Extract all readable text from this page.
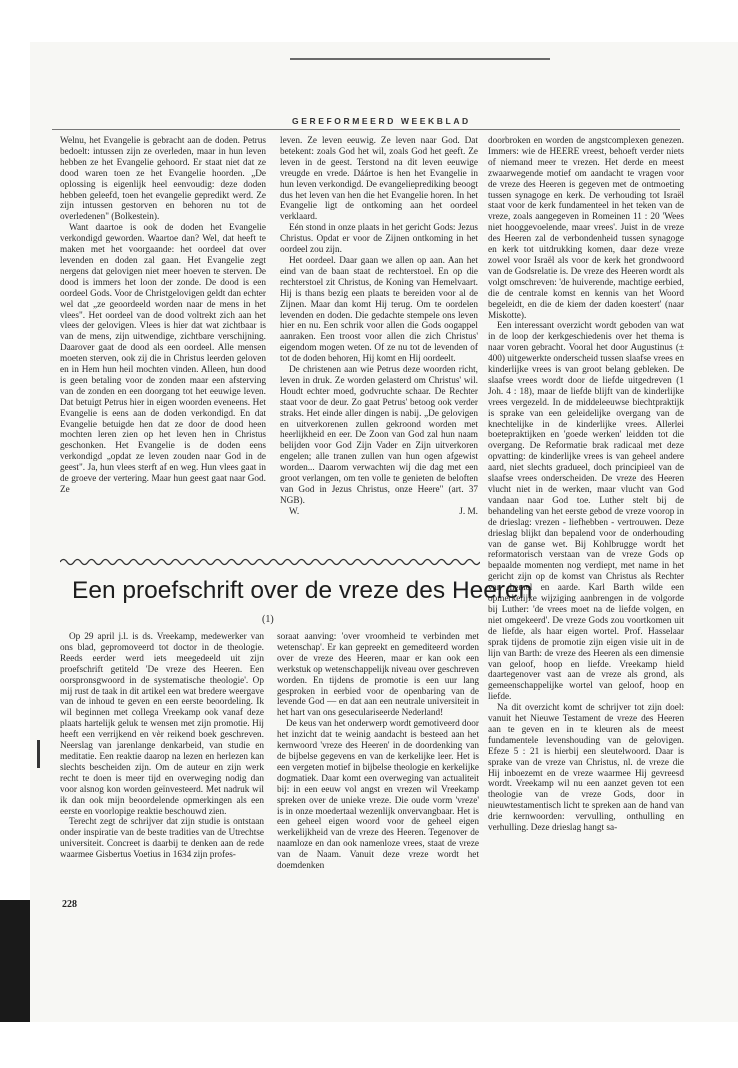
GEREFORMEERD WEEKBLAD

Welnu, het Evangelie is gebracht aan de doden. Petrus bedoelt: intussen zijn ze overleden, maar in hun leven hebben ze het Evangelie gehoord. Er staat niet dat ze dood waren toen ze het Evangelie hoorden. „De oplossing is eigenlijk heel eenvoudig: deze doden hebben geleefd, toen het evangelie gepredikt werd. Ze zijn intussen gestorven en behoren nu tot de overledenen" (Bolkestein).

Want daartoe is ook de doden het Evangelie verkondigd geworden. Waartoe dan? Wel, dat heeft te maken met het voorgaande: het oordeel dat over levenden en doden zal gaan. Het Evangelie zegt nergens dat gelovigen niet meer hoeven te sterven. De dood is immers het loon der zonde. De dood is een oordeel Gods. Voor de Christgelovigen geldt dan echter wel dat „ze geoordeeld worden naar de mens in het vlees". Het oordeel van de dood voltrekt zich aan het vlees der gelovigen. Vlees is hier dat wat zichtbaar is van de mens, zijn uitwendige, zichtbare verschijning. Daarover gaat de dood als een oordeel. Alle mensen moeten sterven, ook zij die in Christus leerden geloven en in Hem hun heil mochten vinden. Alleen, hun dood is geen betaling voor de zonden maar een afsterving van de zonden en een doorgang tot het eeuwige leven. Dat betuigt Petrus hier in eigen woorden eveneens. Het Evangelie is eens aan de doden verkondigd. En dat Evangelie betuigde hen dat ze door de dood heen mochten leren zien op het leven hen in Christus geschonken. Het Evangelie is de doden eens verkondigd „opdat ze leven zouden naar God in de geest". Ja, hun vlees sterft af en weg. Hun vlees gaat in de groeve der vertering. Maar hun geest gaat naar God. Ze

leven. Ze leven eeuwig. Ze leven naar God. Dat betekent: zoals God het wil, zoals God het geeft. Ze leven in de geest. Terstond na dit leven eeuwige vreugde en vrede. Dáártoe is hen het Evangelie in hun leven verkondigd. De evangelieprediking beoogt dus het leven van hen die het Evangelie horen. In het Evangelie ligt de ontkoming aan het oordeel verklaard.

Eén stond in onze plaats in het gericht Gods: Jezus Christus. Opdat er voor de Zijnen ontkoming in het oordeel zou zijn.

Het oordeel. Daar gaan we allen op aan. Aan het eind van de baan staat de rechterstoel. En op die rechterstoel zit Christus, de Koning van Hemelvaart. Hij is thans bezig een plaats te bereiden voor al de Zijnen. Maar dan komt Hij terug. Om te oordelen levenden en doden. Die gedachte stempele ons leven hier en nu. Een schrik voor allen die Gods oogappel aanraken. Een troost voor allen die zich Christus' eigendom mogen weten. Of ze nu tot de levenden of tot de doden behoren, Hij komt en Hij oordeelt.

De christenen aan wie Petrus deze woorden richt, leven in druk. Ze worden gelasterd om Christus' wil. Houdt echter moed, godvruchte schaar. De Rechter staat voor de deur. Zo gaat Petrus' betoog ook verder straks. Het einde aller dingen is nabij. „De gelovigen en uitverkorenen zullen gekroond worden met heerlijkheid en eer. De Zoon van God zal hun naam belijden voor God Zijn Vader en Zijn uitverkoren engelen; alle tranen zullen van hun ogen afgewist worden... Daarom verwachten wij die dag met een groot verlangen, om ten volle te genieten de beloften van God in Jezus Christus, onze Heere" (art. 37 NGB).

W.	J. M.

doorbroken en worden de angstcomplexen genezen. Immers: wie de HEERE vreest, behoeft verder niets of niemand meer te vrezen. Het derde en meest zwaarwegende motief om aandacht te vragen voor de vreze des Heeren is gegeven met de ontmoeting tussen synagoge en kerk. De verhouding tot Israël staat voor de kerk fundamenteel in het teken van de vreze, zoals aangegeven in Romeinen 11 : 20 'Wees niet hooggevoelende, maar vrees'. Juist in de vreze des Heeren zal de verbondenheid tussen synagoge en kerk tot uitdrukking komen, daar deze vreze zowel voor Israël als voor de kerk het grondwoord van de Godsrelatie is. De vreze des Heeren wordt als volgt omschreven: 'de huiverende, machtige eerbied, die de centrale komst en kennis van het Woord begeleidt, en die de kiem der daden koestert' (naar Miskotte).

Een interessant overzicht wordt geboden van wat in de loop der kerkgeschiedenis over het thema is naar voren gebracht. Vooral het door Augustinus (± 400) uitgewerkte onderscheid tussen slaafse vrees en kinderlijke vrees is van groot belang gebleken. De slaafse vrees wordt door de liefde uitgedreven (1 Joh. 4 : 18), maar de liefde blijft van de kinderlijke vrees vergezeld. In de middeleeuwse biechtpraktijk is sprake van een geleidelijke overgang van de knechtelijke in de kinderlijke vrees. Allerlei boetepraktijken en 'goede werken' leidden tot die overgang. De Reformatie brak radicaal met deze opvatting: de kinderlijke vrees is van geheel andere aard, niet slechts gradueel, doch principieel van de slaafse vrees onderscheiden. De vreze des Heeren vlucht niet in de werken, maar vlucht van God vandaan naar God toe. Luther stelt bij de behandeling van het eerste gebod de vreze voorop in de drieslag: vrezen - liefhebben - vertrouwen. Deze drieslag blijkt dan bepalend voor de onderhouding van de ganse wet. Bij Kohlbrugge wordt het reformatorisch verstaan van de vreze Gods op bepaalde momenten nog verdiept, met name in het gericht zijn op de komst van Christus als Rechter van hemel en aarde. Karl Barth wilde een opmerkelijke wijziging aanbrengen in de volgorde bij Luther: 'de vrees moet na de liefde volgen, en niet omgekeerd'. De vreze Gods zou voortkomen uit de liefde, als haar eigen wortel. Prof. Hasselaar sprak tijdens de promotie zijn eigen visie uit in de lijn van Barth: de vreze des Heeren als een dimensie van geloof, hoop en liefde. Vreekamp hield daartegenover vast aan de vreze als grond, als gemeenschappelijke wortel van geloof, hoop en liefde.

Na dit overzicht komt de schrijver tot zijn doel: vanuit het Nieuwe Testament de vreze des Heeren aan te geven en in te kleuren als de meest fundamentele levenshouding van de gelovigen. Efeze 5 : 21 is hierbij een sleutelwoord. Daar is sprake van de vreze van Christus, nl. de vreze die Hij inboezemt en de vreze waarmee Hij gevreesd wordt. Vreekamp wil nu een aanzet geven tot een theologie van de vreze Gods, door in nieuwtestamentisch licht te spreken aan de hand van drie kernwoorden: vervulling, onthulling en verhulling. Deze drieslag hangt sa-

Een proefschrift over de vreze des Heeren
(1)

Op 29 april j.l. is ds. Vreekamp, medewerker van ons blad, gepromoveerd tot doctor in de theologie. Reeds eerder werd iets meegedeeld uit zijn proefschrift getiteld 'De vreze des Heeren. Een oorspronsgwoord in de systematische theologie'. Op mij rust de taak in dit artikel een wat bredere weergave van de inhoud te geven en een eerste beoordeling. Ik wil beginnen met collega Vreekamp ook vanaf deze plaats hartelijk geluk te wensen met zijn promotie. Hij heeft een verrijkend en vèr reikend boek geschreven. Neerslag van jarenlange denkarbeid, van studie en meditatie. Een reaktie daarop na lezen en herlezen kan slechts bescheiden zijn. Om de auteur en zijn werk recht te doen is meer tijd en overweging nodig dan voor alsnog kon worden geïnvesteerd. Met nadruk wil ik dan ook mijn beoordelende opmerkingen als een eerste en voorlopige reaktie beschouwd zien.

Terecht zegt de schrijver dat zijn studie is ontstaan onder inspiratie van de beste tradities van de Utrechtse universiteit. Concreet is daarbij te denken aan de rede waarmee Gisbertus Voetius in 1634 zijn profes-

soraat aanving: 'over vroomheid te verbinden met wetenschap'. Er kan gepreekt en gemediteerd worden over de vreze des Heeren, maar er kan ook een werkstuk op wetenschappelijk niveau over geschreven worden. En tijdens de promotie is een uur lang gesproken in eerbied voor de openbaring van de levende God — en dat aan een neutrale universiteit in het hart van ons geseculariseerde Nederland!

De keus van het onderwerp wordt gemotiveerd door het inzicht dat te weinig aandacht is besteed aan het kernwoord 'vreze des Heeren' in de doordenking van de bijbelse gegevens en van de kerkelijke leer. Het is een vergeten motief in bijbelse theologie en kerkelijke dogmatiek. Daar komt een overweging van actualiteit bij: in een eeuw vol angst en vrezen wil Vreekamp spreken over de unieke vreze. Die oude vorm 'vreze' is in onze moedertaal wezenlijk onvervangbaar. Het is een geheel eigen woord voor de geheel eigen werkelijkheid van de vreze des Heeren. Tegenover de naamloze en dan ook namenloze vrees, staat de vreze van de Naam. Vanuit deze vreze wordt het doemdenken

228
